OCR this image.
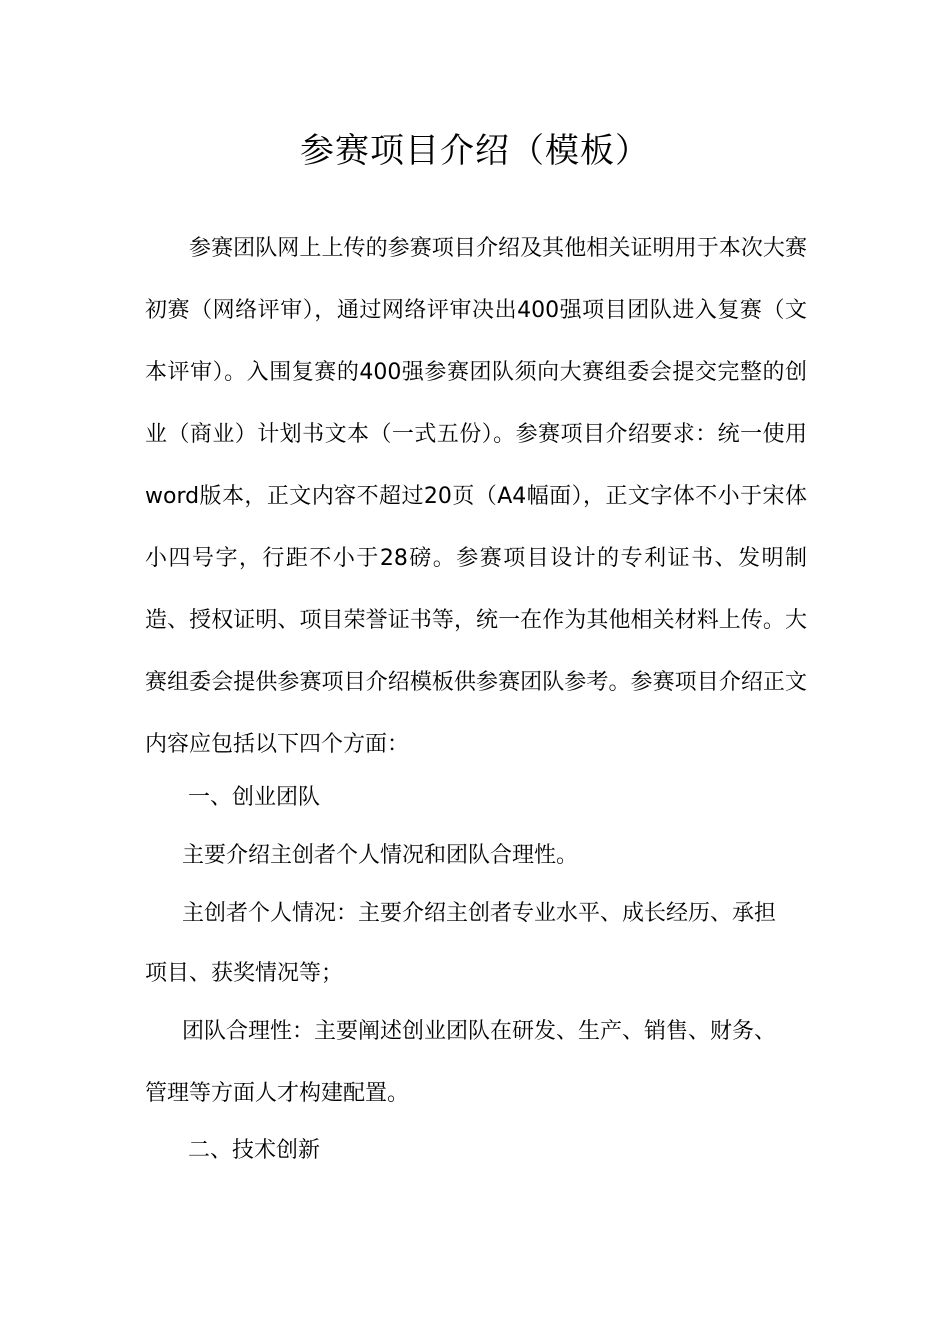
参赛项目介绍（模板）

参赛团队网上上传的参赛项目介绍及其他相关证明用于本次大赛初赛（网络评审），通过网络评审决出400强项目团队进入复赛（文本评审）。入围复赛的400强参赛团队须向大赛组委会提交完整的创业（商业）计划书文本（一式五份）。参赛项目介绍要求：统一使用word版本，正文内容不超过20页（A4幅面），正文字体不小于宋体小四号字，行距不小于28磅。参赛项目设计的专利证书、发明制造、授权证明、项目荣誉证书等，统一在作为其他相关材料上传。大赛组委会提供参赛项目介绍模板供参赛团队参考。参赛项目介绍正文内容应包括以下四个方面：

一、创业团队
主要介绍主创者个人情况和团队合理性。
主创者个人情况：主要介绍主创者专业水平、成长经历、承担
项目、获奖情况等；
团队合理性：主要阐述创业团队在研发、生产、销售、财务、
管理等方面人才构建配置。
二、技术创新
